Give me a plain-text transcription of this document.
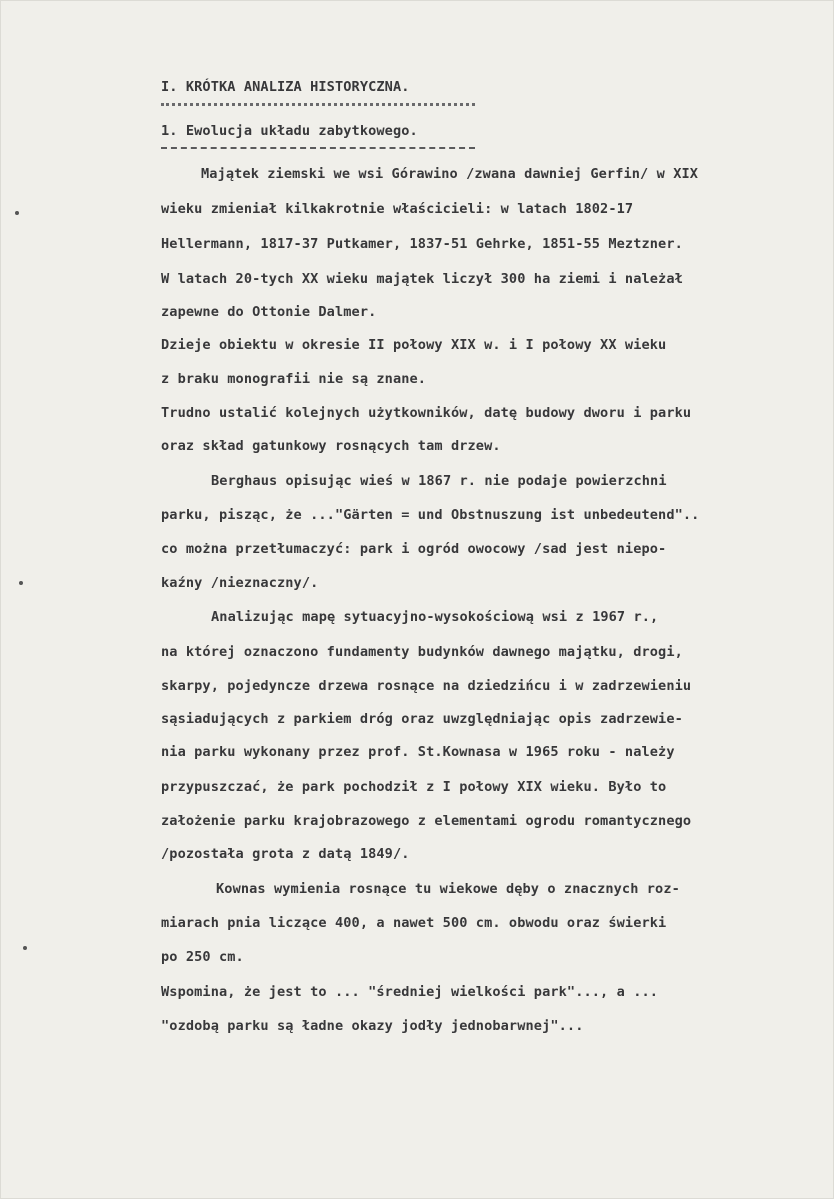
I. KRÓTKA ANALIZA HISTORYCZNA.
1. Ewolucja układu zabytkowego.
Majątek ziemski we wsi Górawino /zwana dawniej Gerfin/ w XIX
wieku zmieniał kilkakrotnie właścicieli: w latach 1802-17
Hellermann, 1817-37 Putkamer, 1837-51 Gehrke, 1851-55 Meztzner.
W latach 20-tych XX wieku majątek liczył 300 ha ziemi i należał
zapewne do Ottonie Dalmer.
Dzieje obiektu w okresie II połowy XIX w. i I połowy XX wieku
z braku monografii nie są znane.
Trudno ustalić kolejnych użytkowników, datę budowy dworu i parku
oraz skład gatunkowy rosnących tam drzew.
Berghaus opisując wieś w 1867 r. nie podaje powierzchni
parku, pisząc, że ..."Gärten = und Obstnuszung ist unbedeutend"..
co można przetłumaczyć: park i ogród owocowy /sad jest niepo-
kaźny /nieznaczny/.
Analizując mapę sytuacyjno-wysokościową wsi z 1967 r.,
na której oznaczono fundamenty budynków dawnego majątku, drogi,
skarpy, pojedyncze drzewa rosnące na dziedzińcu i w zadrzewieniu
sąsiadujących z parkiem dróg oraz uwzględniając opis zadrzewie-
nia parku wykonany przez prof. St.Kownasa w 1965 roku - należy
przypuszczać, że park pochodził z I połowy XIX wieku. Było to
założenie parku krajobrazowego z elementami ogrodu romantycznego
/pozostała grota z datą 1849/.
Kownas wymienia rosnące tu wiekowe dęby o znacznych roz-
miarach pnia liczące 400, a nawet 500 cm. obwodu oraz świerki
po 250 cm.
Wspomina, że jest to ... "średniej wielkości park"..., a ...
"ozdobą parku są ładne okazy jodły jednobarwnej"...
